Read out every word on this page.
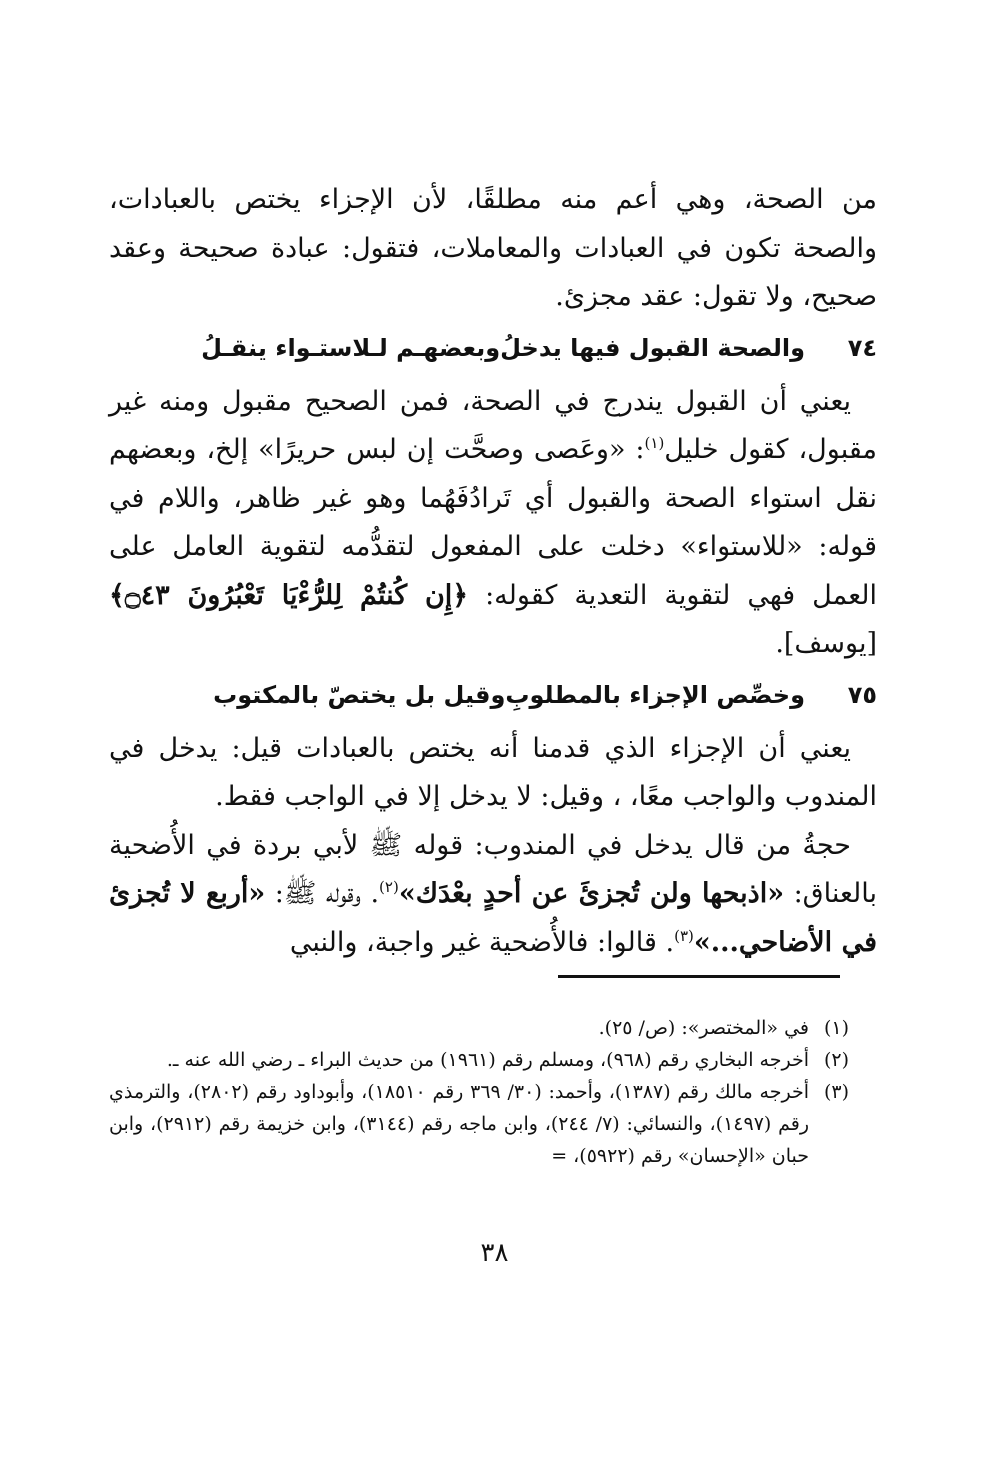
من الصحة، وهي أعم منه مطلقًا، لأن الإجزاء يختص بالعبادات، والصحة تكون في العبادات والمعاملات، فتقول: عبادة صحيحة وعقد صحيح، ولا تقول: عقد مجزئ.

٧٤
والصحة القبول فيها يدخلُ
وبعضهـم لـلاستـواء ينقـلُ

يعني أن القبول يندرج في الصحة، فمن الصحيح مقبول ومنه غير مقبول، كقول خليل$^{(١)}$: «وعَصى وصحَّت إن لبس حريرًا» إلخ، وبعضهم نقل استواء الصحة والقبول أي تَرادُفَهُما وهو غير ظاهر، واللام في قوله: «للاستواء» دخلت على المفعول لتقدُّمه لتقوية العامل على العمل فهي لتقوية التعدية كقوله: ﴿إِن كُنتُمْ لِلرُّءْيَا تَعْبُرُونَ ۝٤٣﴾ [يوسف].

٧٥
وخصِّص الإجزاء بالمطلوبِ
وقيل بل يختصّ بالمكتوب

يعني أن الإجزاء الذي قدمنا أنه يختص بالعبادات قيل: يدخل في المندوب والواجب معًا، ، وقيل: لا يدخل إلا في الواجب فقط.

حجةُ من قال يدخل في المندوب: قوله ﷺ لأبي بردة في الأُضحية بالعناق: «اذبحها ولن تُجزئَ عن أحدٍ بعْدَك»$^{(٢)}$. وقوله ﷺ: «أربع لا تُجزئ في الأضاحي...»$^{(٣)}$. قالوا: فالأُضحية غير واجبة، والنبي

(١)
في «المختصر»: (ص/ ٢٥).
(٢)
أخرجه البخاري رقم (٩٦٨)، ومسلم رقم (١٩٦١) من حديث البراء ـ رضي الله عنه ـ.
(٣)
أخرجه مالك رقم (١٣٨٧)، وأحمد: (٣٠/ ٣٦٩ رقم ١٨٥١٠)، وأبوداود رقم (٢٨٠٢)، والترمذي رقم (١٤٩٧)، والنسائي: (٧/ ٢٤٤)، وابن ماجه رقم (٣١٤٤)، وابن خزيمة رقم (٢٩١٢)، وابن حبان «الإحسان» رقم (٥٩٢٢)، =
٣٨
